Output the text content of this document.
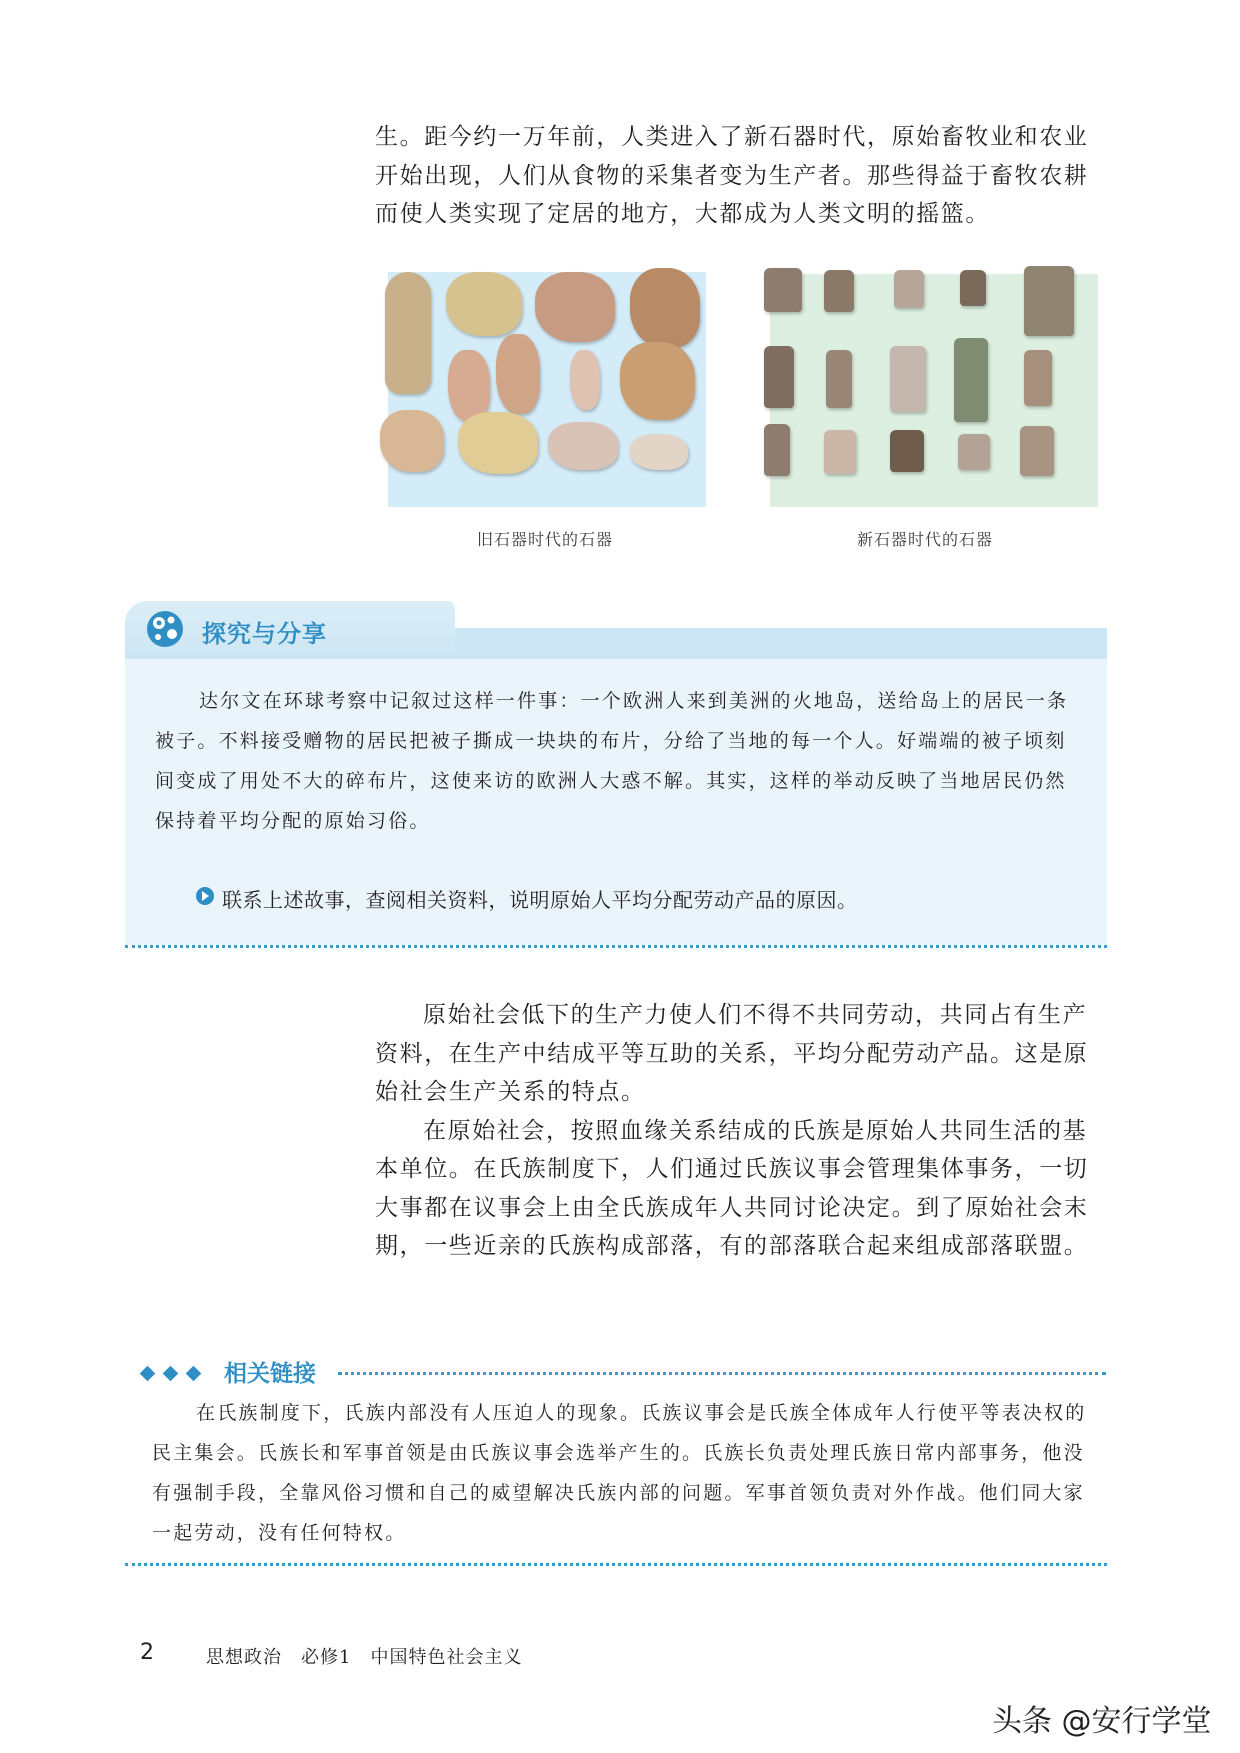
生。距今约一万年前，人类进入了新石器时代，原始畜牧业和农业开始出现，人们从食物的采集者变为生产者。那些得益于畜牧农耕而使人类实现了定居的地方，大都成为人类文明的摇篮。

旧石器时代的石器	新石器时代的石器
探究与分享

达尔文在环球考察中记叙过这样一件事：一个欧洲人来到美洲的火地岛，送给岛上的居民一条被子。不料接受赠物的居民把被子撕成一块块的布片，分给了当地的每一个人。好端端的被子顷刻间变成了用处不大的碎布片，这使来访的欧洲人大惑不解。其实，这样的举动反映了当地居民仍然保持着平均分配的原始习俗。

联系上述故事，查阅相关资料，说明原始人平均分配劳动产品的原因。

原始社会低下的生产力使人们不得不共同劳动，共同占有生产资料，在生产中结成平等互助的关系，平均分配劳动产品。这是原始社会生产关系的特点。

在原始社会，按照血缘关系结成的氏族是原始人共同生活的基本单位。在氏族制度下，人们通过氏族议事会管理集体事务，一切大事都在议事会上由全氏族成年人共同讨论决定。到了原始社会末期，一些近亲的氏族构成部落，有的部落联合起来组成部落联盟。

相关链接

在氏族制度下，氏族内部没有人压迫人的现象。氏族议事会是氏族全体成年人行使平等表决权的民主集会。氏族长和军事首领是由氏族议事会选举产生的。氏族长负责处理氏族日常内部事务，他没有强制手段，全靠风俗习惯和自己的威望解决氏族内部的问题。军事首领负责对外作战。他们同大家一起劳动，没有任何特权。

2	思想政治　必修1　中国特色社会主义
头条 @安行学堂
